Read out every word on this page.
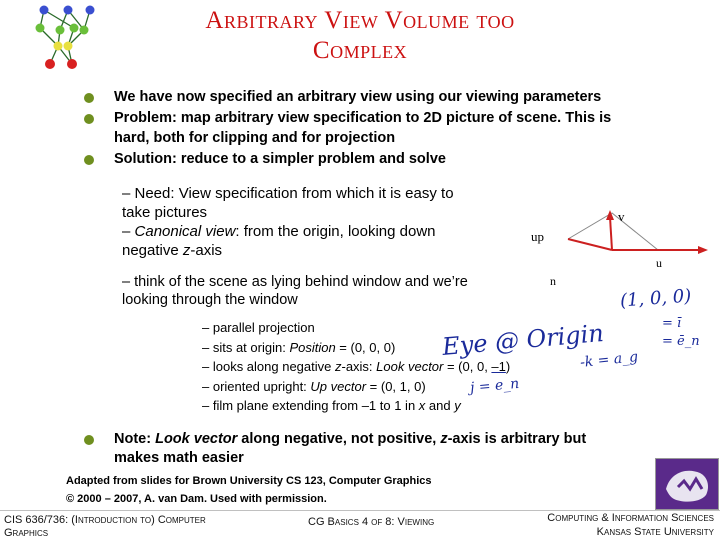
Arbitrary View Volume too
Complex
We have now specified an arbitrary view using our viewing parameters
Problem: map arbitrary view specification to 2D picture of scene. This is
hard, both for clipping and for projection
Solution: reduce to a simpler problem and solve
– Need: View specification from which it is easy to
take pictures
– Canonical view: from the origin, looking down
negative z-axis
– think of the scene as lying behind window and we’re
looking through the window
– parallel projection
– sits at origin: Position = (0, 0, 0)
– looks along negative z-axis: Look vector = (0, 0, –1)
– oriented upright: Up vector = (0, 1, 0)
– film plane extending from –1 to 1 in x and y
Note: Look vector along negative, not positive, z-axis is arbitrary but
makes math easier
v
up
u
n
Eye @ Origin
-k = a_g
j = e_n
(1, 0, 0)
= ī
= ē_n
Adapted from slides for Brown University CS 123, Computer Graphics
© 2000 – 2007, A. van Dam. Used with permission.
CIS 636/736: (Introduction to) Computer
Graphics
CG Basics 4 of 8: Viewing	Computing & Information Sciences
Kansas State University
